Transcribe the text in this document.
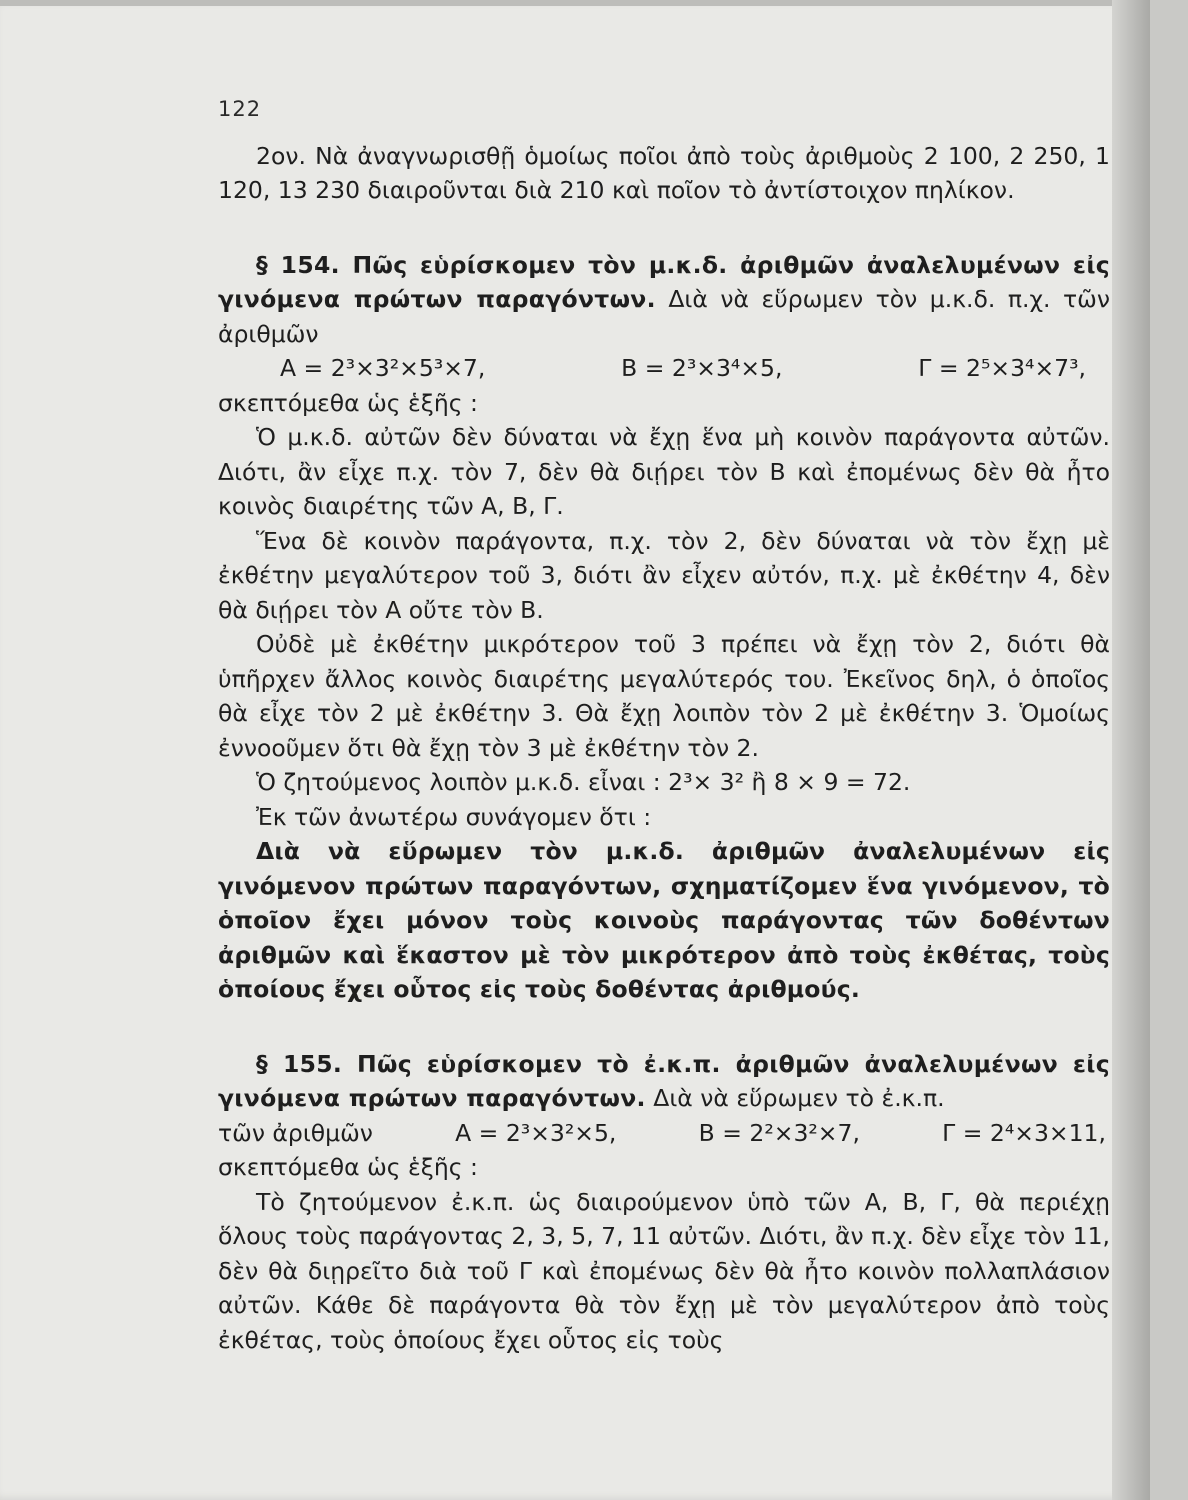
122

2ον. Νὰ ἀναγνωρισθῇ ὁμοίως ποῖοι ἀπὸ τοὺς ἀριθμοὺς 2 100, 2 250, 1 120, 13 230 διαιροῦνται διὰ 210 καὶ ποῖον τὸ ἀντίστοιχον πηλίκον.

§ 154. Πῶς εὑρίσκομεν τὸν μ.κ.δ. ἀριθμῶν ἀναλελυμένων εἰς γινόμενα πρώτων παραγόντων. Διὰ νὰ εὕρωμεν τὸν μ.κ.δ. π.χ. τῶν ἀριθμῶν

Α = 2³×3²×5³×7,	Β = 2³×3⁴×5,	Γ = 2⁵×3⁴×7³,

σκεπτόμεθα ὡς ἑξῆς :

Ὁ μ.κ.δ. αὐτῶν δὲν δύναται νὰ ἔχῃ ἕνα μὴ κοινὸν παράγοντα αὐτῶν. Διότι, ἂν εἶχε π.χ. τὸν 7, δὲν θὰ διῄρει τὸν Β καὶ ἐπομένως δὲν θὰ ἦτο κοινὸς διαιρέτης τῶν Α, Β, Γ.

Ἕνα δὲ κοινὸν παράγοντα, π.χ. τὸν 2, δὲν δύναται νὰ τὸν ἔχῃ μὲ ἐκθέτην μεγαλύτερον τοῦ 3, διότι ἂν εἶχεν αὐτόν, π.χ. μὲ ἐκθέτην 4, δὲν θὰ διῄρει τὸν Α οὔτε τὸν Β.

Οὐδὲ μὲ ἐκθέτην μικρότερον τοῦ 3 πρέπει νὰ ἔχῃ τὸν 2, διότι θὰ ὑπῆρχεν ἄλλος κοινὸς διαιρέτης μεγαλύτερός του. Ἐκεῖνος δηλ, ὁ ὁποῖος θὰ εἶχε τὸν 2 μὲ ἐκθέτην 3. Θὰ ἔχῃ λοιπὸν τὸν 2 μὲ ἐκθέτην 3. Ὁμοίως ἐννοοῦμεν ὅτι θὰ ἔχῃ τὸν 3 μὲ ἐκθέτην τὸν 2.

Ὁ ζητούμενος λοιπὸν μ.κ.δ. εἶναι : 2³× 3² ἢ 8 × 9 = 72.

Ἐκ τῶν ἀνωτέρω συνάγομεν ὅτι :

Διὰ νὰ εὕρωμεν τὸν μ.κ.δ. ἀριθμῶν ἀναλελυμένων εἰς γινόμενον πρώτων παραγόντων, σχηματίζομεν ἕνα γινόμενον, τὸ ὁποῖον ἔχει μόνον τοὺς κοινοὺς παράγοντας τῶν δοθέντων ἀριθμῶν καὶ ἕκαστον μὲ τὸν μικρότερον ἀπὸ τοὺς ἐκθέτας, τοὺς ὁποίους ἔχει οὗτος εἰς τοὺς δοθέντας ἀριθμούς.

§ 155. Πῶς εὑρίσκομεν τὸ ἐ.κ.π. ἀριθμῶν ἀναλελυμένων εἰς γινόμενα πρώτων παραγόντων. Διὰ νὰ εὕρωμεν τὸ ἐ.κ.π.

τῶν ἀριθμῶν	Α = 2³×3²×5,	Β = 2²×3²×7,	Γ = 2⁴×3×11,

σκεπτόμεθα ὡς ἑξῆς :

Τὸ ζητούμενον ἐ.κ.π. ὡς διαιρούμενον ὑπὸ τῶν Α, Β, Γ, θὰ περιέχῃ ὅλους τοὺς παράγοντας 2, 3, 5, 7, 11 αὐτῶν. Διότι, ἂν π.χ. δὲν εἶχε τὸν 11, δὲν θὰ διῃρεῖτο διὰ τοῦ Γ καὶ ἐπομένως δὲν θὰ ἦτο κοινὸν πολλαπλάσιον αὐτῶν. Κάθε δὲ παράγοντα θὰ τὸν ἔχῃ μὲ τὸν μεγαλύτερον ἀπὸ τοὺς ἐκθέτας, τοὺς ὁποίους ἔχει οὗτος εἰς τοὺς
